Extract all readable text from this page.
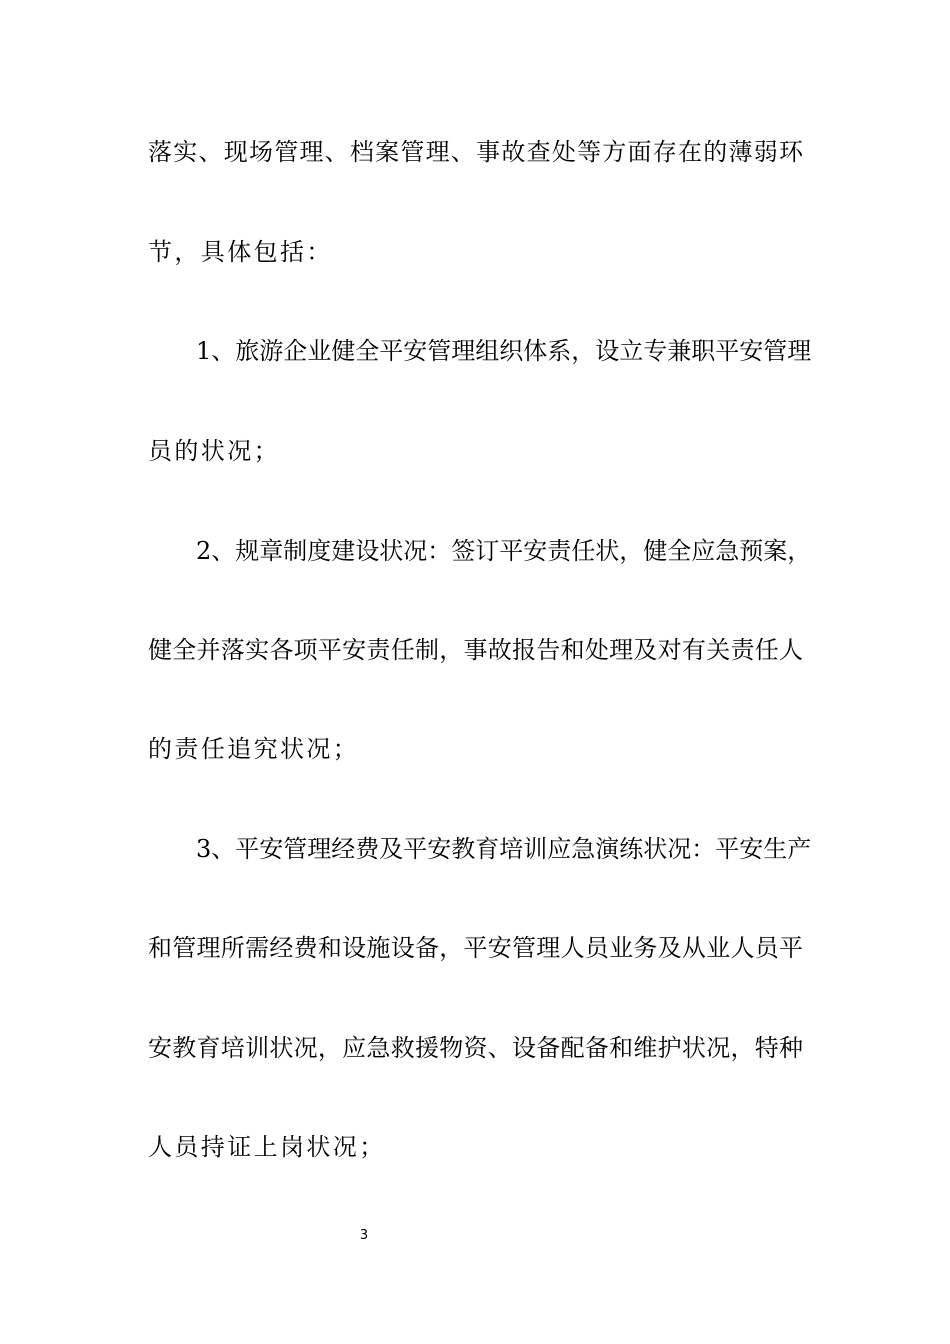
落实、现场管理、档案管理、事故查处等方面存在的薄弱环
节，具体包括：
1、旅游企业健全平安管理组织体系，设立专兼职平安管理
员的状况；
2、规章制度建设状况：签订平安责任状，健全应急预案，
健全并落实各项平安责任制，事故报告和处理及对有关责任人
的责任追究状况；
3、平安管理经费及平安教育培训应急演练状况：平安生产
和管理所需经费和设施设备，平安管理人员业务及从业人员平
安教育培训状况，应急救援物资、设备配备和维护状况，特种
人员持证上岗状况；
3
